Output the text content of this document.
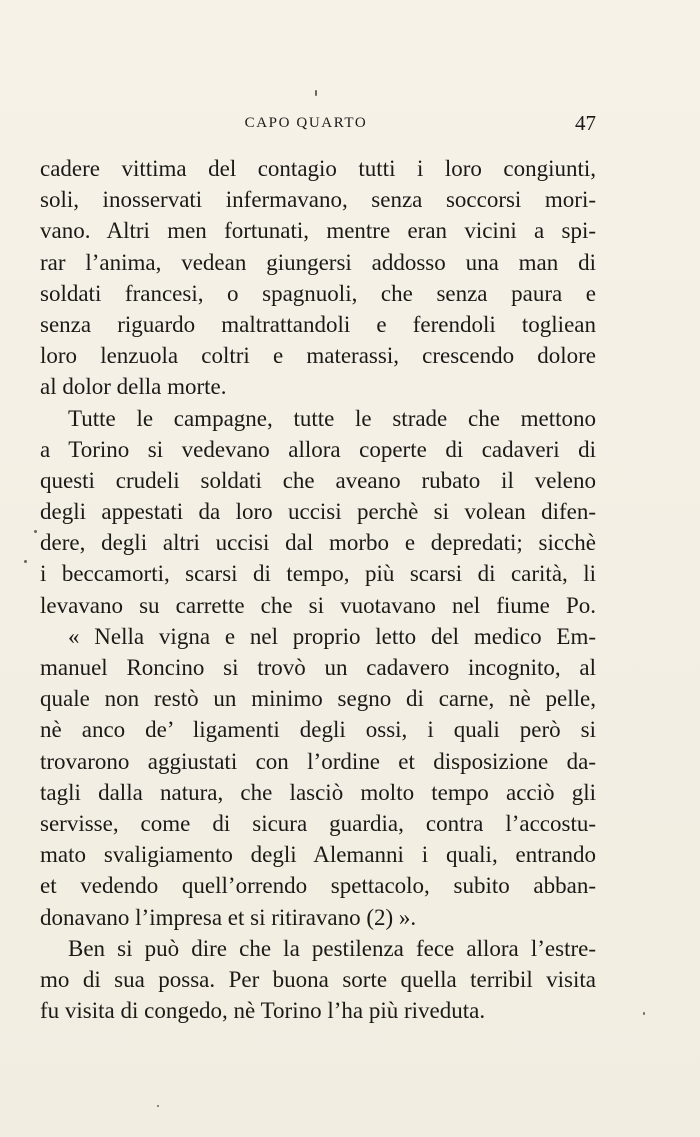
CAPO QUARTO	47
cadere vittima del contagio tutti i loro congiunti,
soli, inosservati infermavano, senza soccorsi mori-
vano. Altri men fortunati, mentre eran vicini a spi-
rar l’anima, vedean giungersi addosso una man di
soldati francesi, o spagnuoli, che senza paura e
senza riguardo maltrattandoli e ferendoli togliean
loro lenzuola coltri e materassi, crescendo dolore
al dolor della morte.
Tutte le campagne, tutte le strade che mettono
a Torino si vedevano allora coperte di cadaveri di
questi crudeli soldati che aveano rubato il veleno
degli appestati da loro uccisi perchè si volean difen-
dere, degli altri uccisi dal morbo e depredati; sicchè
i beccamorti, scarsi di tempo, più scarsi di carità, li
levavano su carrette che si vuotavano nel fiume Po.
« Nella vigna e nel proprio letto del medico Em-
manuel Roncino si trovò un cadavero incognito, al
quale non restò un minimo segno di carne, nè pelle,
nè anco de’ ligamenti degli ossi, i quali però si
trovarono aggiustati con l’ordine et disposizione da-
tagli dalla natura, che lasciò molto tempo acciò gli
servisse, come di sicura guardia, contra l’accostu-
mato svaligiamento degli Alemanni i quali, entrando
et vedendo quell’orrendo spettacolo, subito abban-
donavano l’impresa et si ritiravano (2) ».
Ben si può dire che la pestilenza fece allora l’estre-
mo di sua possa. Per buona sorte quella terribil visita
fu visita di congedo, nè Torino l’ha più riveduta.
